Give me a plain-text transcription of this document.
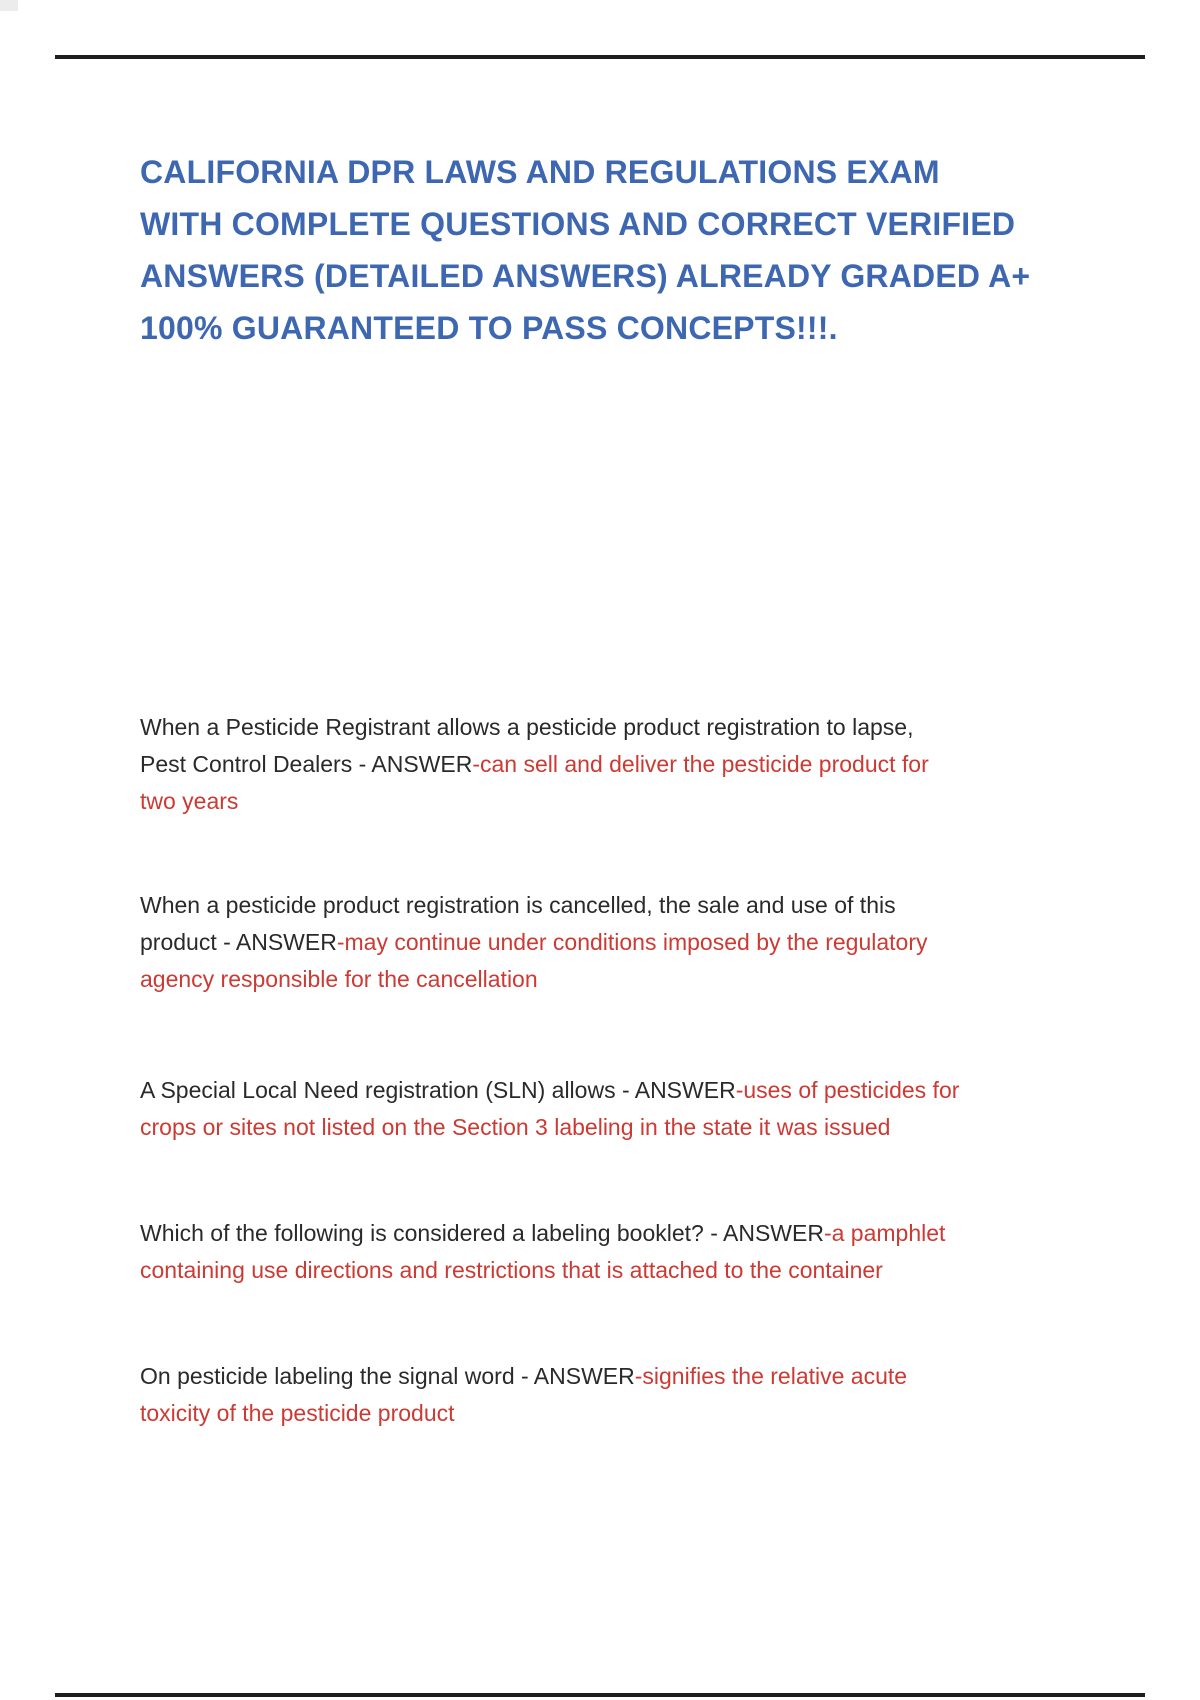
CALIFORNIA DPR LAWS AND REGULATIONS EXAM
WITH COMPLETE QUESTIONS AND CORRECT VERIFIED
ANSWERS (DETAILED ANSWERS) ALREADY GRADED A+
100% GUARANTEED TO PASS CONCEPTS!!!.
When a Pesticide Registrant allows a pesticide product registration to lapse,
Pest Control Dealers - ANSWER-can sell and deliver the pesticide product for
two years
When a pesticide product registration is cancelled, the sale and use of this
product - ANSWER-may continue under conditions imposed by the regulatory
agency responsible for the cancellation
A Special Local Need registration (SLN) allows - ANSWER-uses of pesticides for
crops or sites not listed on the Section 3 labeling in the state it was issued
Which of the following is considered a labeling booklet? - ANSWER-a pamphlet
containing use directions and restrictions that is attached to the container
On pesticide labeling the signal word - ANSWER-signifies the relative acute
toxicity of the pesticide product
